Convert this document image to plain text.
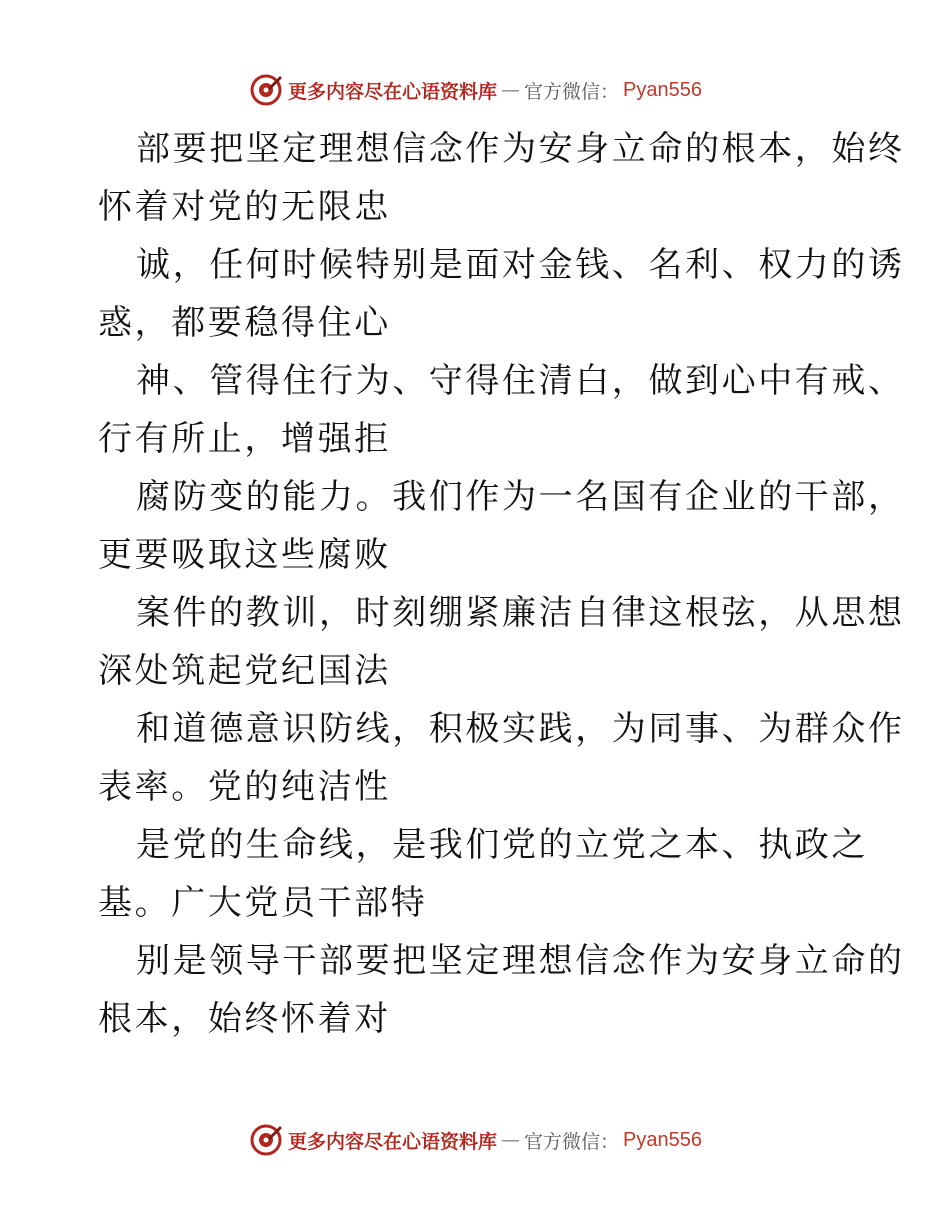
更多内容尽在心语资料库 — 官方微信： Pyan556
部要把坚定理想信念作为安身立命的根本，始终
怀着对党的无限忠
诚，任何时候特别是面对金钱、名利、权力的诱
惑，都要稳得住心
神、管得住行为、守得住清白，做到心中有戒、
行有所止，增强拒
腐防变的能力。我们作为一名国有企业的干部，
更要吸取这些腐败
案件的教训，时刻绷紧廉洁自律这根弦，从思想
深处筑起党纪国法
和道德意识防线，积极实践，为同事、为群众作
表率。党的纯洁性
是党的生命线，是我们党的立党之本、执政之
基。广大党员干部特
别是领导干部要把坚定理想信念作为安身立命的
根本，始终怀着对
更多内容尽在心语资料库 — 官方微信： Pyan556
